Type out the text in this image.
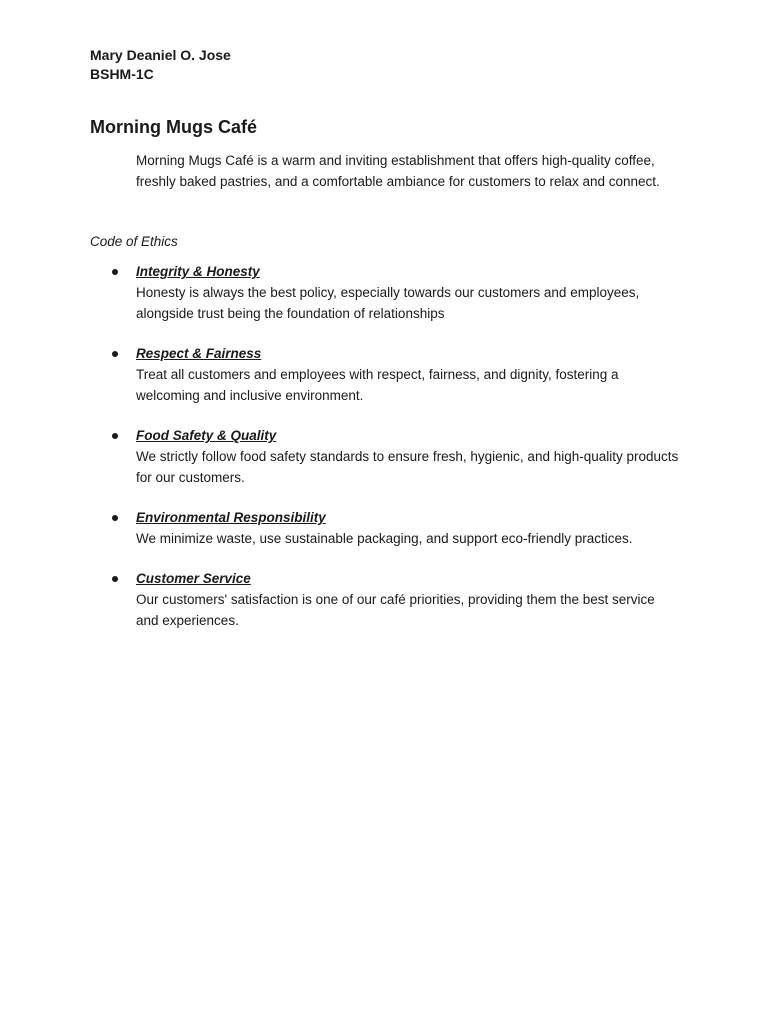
Mary Deaniel O. Jose
BSHM-1C
Morning Mugs Café

Morning Mugs Café is a warm and inviting establishment that offers high-quality coffee, freshly baked pastries, and a comfortable ambiance for customers to relax and connect.

Code of Ethics

Integrity & Honesty
Honesty is always the best policy, especially towards our customers and employees, alongside trust being the foundation of relationships
Respect & Fairness
Treat all customers and employees with respect, fairness, and dignity, fostering a welcoming and inclusive environment.
Food Safety & Quality
We strictly follow food safety standards to ensure fresh, hygienic, and high-quality products for our customers.
Environmental Responsibility
We minimize waste, use sustainable packaging, and support eco-friendly practices.
Customer Service
Our customers' satisfaction is one of our café priorities, providing them the best service and experiences.
